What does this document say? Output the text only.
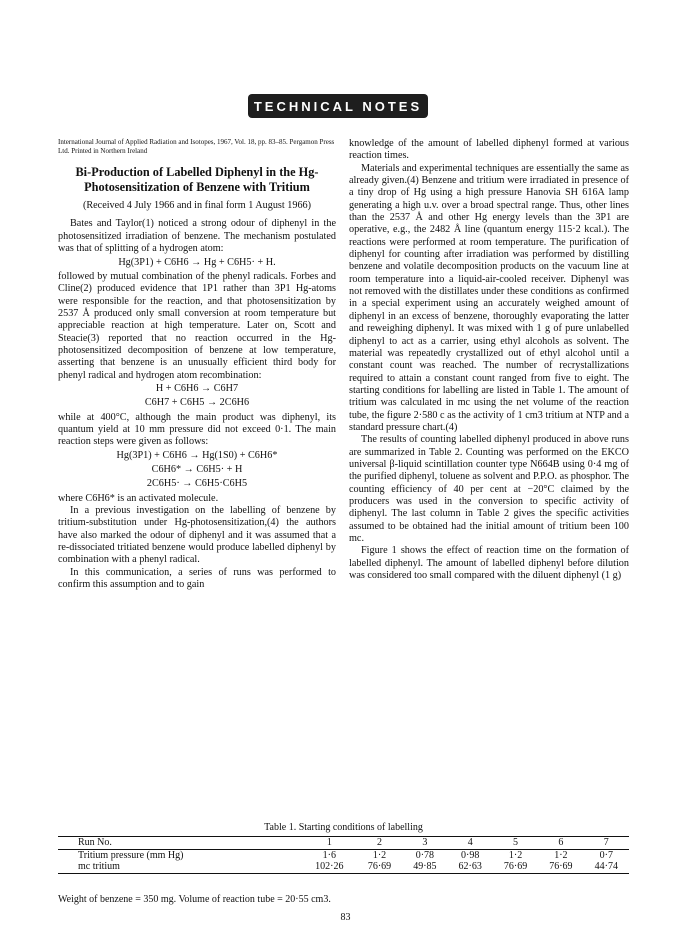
TECHNICAL NOTES
International Journal of Applied Radiation and Isotopes, 1967, Vol. 18, pp. 83–85. Pergamon Press Ltd. Printed in Northern Ireland
Bi-Production of Labelled Diphenyl in the Hg-Photosensitization of Benzene with Tritium
(Received 4 July 1966 and in final form 1 August 1966)

Bates and Taylor(1) noticed a strong odour of diphenyl in the photosensitized irradiation of benzene. The mechanism postulated was that of splitting of a hydrogen atom:

Hg(3P1) + C6H6 → Hg + C6H5· + H.

followed by mutual combination of the phenyl radicals. Forbes and Cline(2) produced evidence that 1P1 rather than 3P1 Hg-atoms were responsible for the reaction, and that photosensitization by 2537 Å produced only small conversion at room temperature but appreciable reaction at high temperature. Later on, Scott and Steacie(3) reported that no reaction occurred in the Hg-photosensitized decomposition of benzene at low temperature, asserting that benzene is an unusually efficient third body for phenyl radical and hydrogen atom recombination:

H + C6H6 → C6H7
C6H7 + C6H5 → 2C6H6

while at 400°C, although the main product was diphenyl, its quantum yield at 10 mm pressure did not exceed 0·1. The main reaction steps were given as follows:

Hg(3P1) + C6H6 → Hg(1S0) + C6H6*
C6H6* → C6H5· + H
2C6H5· → C6H5·C6H5

where C6H6* is an activated molecule.

In a previous investigation on the labelling of benzene by tritium-substitution under Hg-photosensitization,(4) the authors have also marked the odour of diphenyl and it was assumed that a re-dissociated tritiated benzene would produce labelled diphenyl by combination with a phenyl radical.

In this communication, a series of runs was performed to confirm this assumption and to gain

knowledge of the amount of labelled diphenyl formed at various reaction times.

Materials and experimental techniques are essentially the same as already given.(4) Benzene and tritium were irradiated in presence of a tiny drop of Hg using a high pressure Hanovia SH 616A lamp generating a high u.v. over a broad spectral range. Thus, other lines than the 2537 Å and other Hg energy levels than the 3P1 are operative, e.g., the 2482 Å line (quantum energy 115·2 kcal.). The reactions were performed at room temperature. The purification of diphenyl for counting after irradiation was performed by distilling benzene and volatile decomposition products on the vacuum line at room temperature into a liquid-air-cooled receiver. Diphenyl was not removed with the distillates under these conditions as confirmed in a special experiment using an accurately weighed amount of diphenyl in an excess of benzene, thoroughly evaporating the latter and reweighing diphenyl. It was mixed with 1 g of pure unlabelled diphenyl to act as a carrier, using ethyl alcohols as solvent. The material was repeatedly crystallized out of ethyl alcohol until a constant count was reached. The number of recrystallizations required to attain a constant count ranged from five to eight. The starting conditions for labelling are listed in Table 1. The amount of tritium was calculated in mc using the net volume of the reaction tube, the figure 2·580 c as the activity of 1 cm3 tritium at NTP and a standard pressure chart.(4)

The results of counting labelled diphenyl produced in above runs are summarized in Table 2. Counting was performed on the EKCO universal β-liquid scintillation counter type N664B using 0·4 mg of the purified diphenyl, toluene as solvent and P.P.O. as phosphor. The counting efficiency of 40 per cent at −20°C claimed by the producers was used in the conversion to specific activity of diphenyl. The last column in Table 2 gives the specific activities assumed to be obtained had the initial amount of tritium been 100 mc.

Figure 1 shows the effect of reaction time on the formation of labelled diphenyl. The amount of labelled diphenyl before dilution was considered too small compared with the diluent diphenyl (1 g)

Table 1. Starting conditions of labelling
Run No.	1	2	3	4	5	6	7
Tritium pressure (mm Hg)	1·6	1·2	0·78	0·98	1·2	1·2	0·7
mc tritium	102·26	76·69	49·85	62·63	76·69	76·69	44·74
Weight of benzene = 350 mg. Volume of reaction tube = 20·55 cm3.
83
